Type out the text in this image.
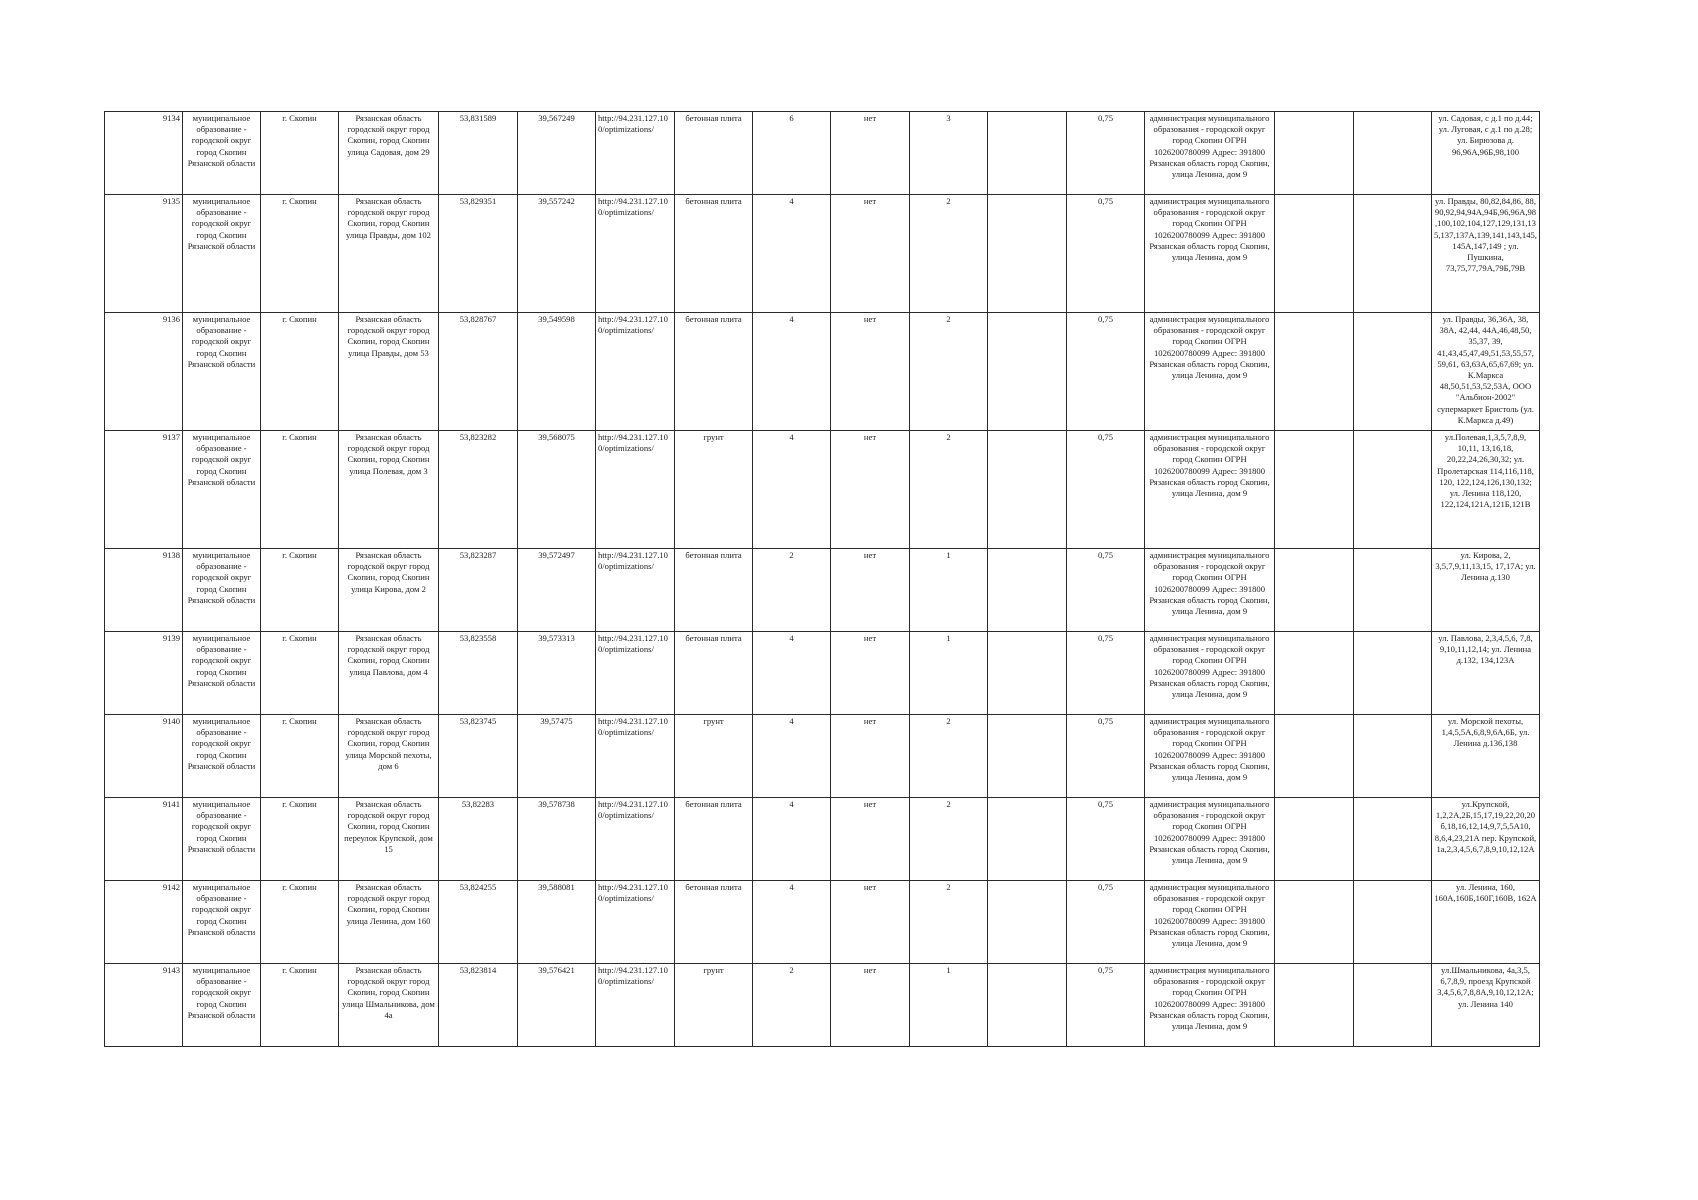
9134	муниципальное образование - городской округ город Скопин Рязанской области	г. Скопин	Рязанская область городской округ город Скопин, город Скопин улица Садовая, дом 29	53,831589	39,567249	http://94.231.127.100/optimizations/	бетонная плита	6	нет	3		0,75	администрация муниципального образования - городской округ город Скопин ОГРН 1026200780099 Адрес: 391800 Рязанская область город Скопин, улица Ленина, дом 9			ул. Садовая, с д.1 по д.44; ул. Луговая, с д.1 по д.28; ул. Бирюзова д. 96,96А,96Б,98,100
9135	муниципальное образование - городской округ город Скопин Рязанской области	г. Скопин	Рязанская область городской округ город Скопин, город Скопин улица Правды, дом 102	53,829351	39,557242	http://94.231.127.100/optimizations/	бетонная плита	4	нет	2		0,75	администрация муниципального образования - городской округ город Скопин ОГРН 1026200780099 Адрес: 391800 Рязанская область город Скопин, улица Ленина, дом 9			ул. Правды, 80,82,84,86, 88, 90,92,94,94А,94Б,96,96А,98,100,102,104,127,129,131,135,137,137А,139,141,143,145,145А,147,149 ; ул. Пушкина, 73,75,77,79А,79Б,79В
9136	муниципальное образование - городской округ город Скопин Рязанской области	г. Скопин	Рязанская область городской округ город Скопин, город Скопин улица Правды, дом 53	53,828767	39,549598	http://94.231.127.100/optimizations/	бетонная плита	4	нет	2		0,75	администрация муниципального образования - городской округ город Скопин ОГРН 1026200780099 Адрес: 391800 Рязанская область город Скопин, улица Ленина, дом 9			ул. Правды, 36,36А, 38, 38А, 42,44, 44А,46,48,50, 35,37, 39, 41,43,45,47,49,51,53,55,57, 59,61, 63,63А,65,67,69; ул. К.Маркса 48,50,51,53,52,53А, ООО "Альбион-2002" супермаркет Бристоль (ул. К.Маркса д.49)
9137	муниципальное образование - городской округ город Скопин Рязанской области	г. Скопин	Рязанская область городской округ город Скопин, город Скопин улица Полевая, дом 3	53,823282	39,568075	http://94.231.127.100/optimizations/	грунт	4	нет	2		0,75	администрация муниципального образования - городской округ город Скопин ОГРН 1026200780099 Адрес: 391800 Рязанская область город Скопин, улица Ленина, дом 9			ул.Полевая,1,3,5,7,8,9, 10,11, 13,16,18, 20,22,24,26,30,32; ул. Пролетарская 114,116,118, 120, 122,124,126,130,132; ул. Ленина 118,120, 122,124,121А,121Б,121В
9138	муниципальное образование - городской округ город Скопин Рязанской области	г. Скопин	Рязанская область городской округ город Скопин, город Скопин улица Кирова, дом 2	53,823287	39,572497	http://94.231.127.100/optimizations/	бетонная плита	2	нет	1		0,75	администрация муниципального образования - городской округ город Скопин ОГРН 1026200780099 Адрес: 391800 Рязанская область город Скопин, улица Ленина, дом 9			ул. Кирова, 2, 3,5,7,9,11,13,15, 17,17А; ул. Ленина д.130
9139	муниципальное образование - городской округ город Скопин Рязанской области	г. Скопин	Рязанская область городской округ город Скопин, город Скопин улица Павлова, дом 4	53,823558	39,573313	http://94.231.127.100/optimizations/	бетонная плита	4	нет	1		0,75	администрация муниципального образования - городской округ город Скопин ОГРН 1026200780099 Адрес: 391800 Рязанская область город Скопин, улица Ленина, дом 9			ул. Павлова, 2,3,4,5,6, 7,8, 9,10,11,12,14; ул. Ленина д.132, 134,123А
9140	муниципальное образование - городской округ город Скопин Рязанской области	г. Скопин	Рязанская область городской округ город Скопин, город Скопин улица Морской пехоты, дом 6	53,823745	39,57475	http://94.231.127.100/optimizations/	грунт	4	нет	2		0,75	администрация муниципального образования - городской округ город Скопин ОГРН 1026200780099 Адрес: 391800 Рязанская область город Скопин, улица Ленина, дом 9			ул. Морской пехоты, 1,4,5,5А,6,8,9,6А,6Б, ул. Ленина д.136,138
9141	муниципальное образование - городской округ город Скопин Рязанской области	г. Скопин	Рязанская область городской округ город Скопин, город Скопин переулок Крупской, дом 15	53,82283	39,578738	http://94.231.127.100/optimizations/	бетонная плита	4	нет	2		0,75	администрация муниципального образования - городской округ город Скопин ОГРН 1026200780099 Адрес: 391800 Рязанская область город Скопин, улица Ленина, дом 9			ул.Крупской, 1,2,2А,2Б,15,17,19,22,20,20б,18,16,12,14,9,7,5,5А10, 8,6,4,23,21А пер. Крупской, 1а,2,3,4,5,6,7,8,9,10,12,12А
9142	муниципальное образование - городской округ город Скопин Рязанской области	г. Скопин	Рязанская область городской округ город Скопин, город Скопин улица Ленина, дом 160	53,824255	39,588081	http://94.231.127.100/optimizations/	бетонная плита	4	нет	2		0,75	администрация муниципального образования - городской округ город Скопин ОГРН 1026200780099 Адрес: 391800 Рязанская область город Скопин, улица Ленина, дом 9			ул. Ленина, 160, 160А,160Б,160Г,160В, 162А
9143	муниципальное образование - городской округ город Скопин Рязанской области	г. Скопин	Рязанская область городской округ город Скопин, город Скопин улица Шмальникова, дом 4а	53,823814	39,576421	http://94.231.127.100/optimizations/	грунт	2	нет	1		0,75	администрация муниципального образования - городской округ город Скопин ОГРН 1026200780099 Адрес: 391800 Рязанская область город Скопин, улица Ленина, дом 9			ул.Шмальникова, 4а,3,5, 6,7,8,9, проезд Крупской 3,4,5,6,7,8,8А,9,10,12,12А; ул. Ленина 140
